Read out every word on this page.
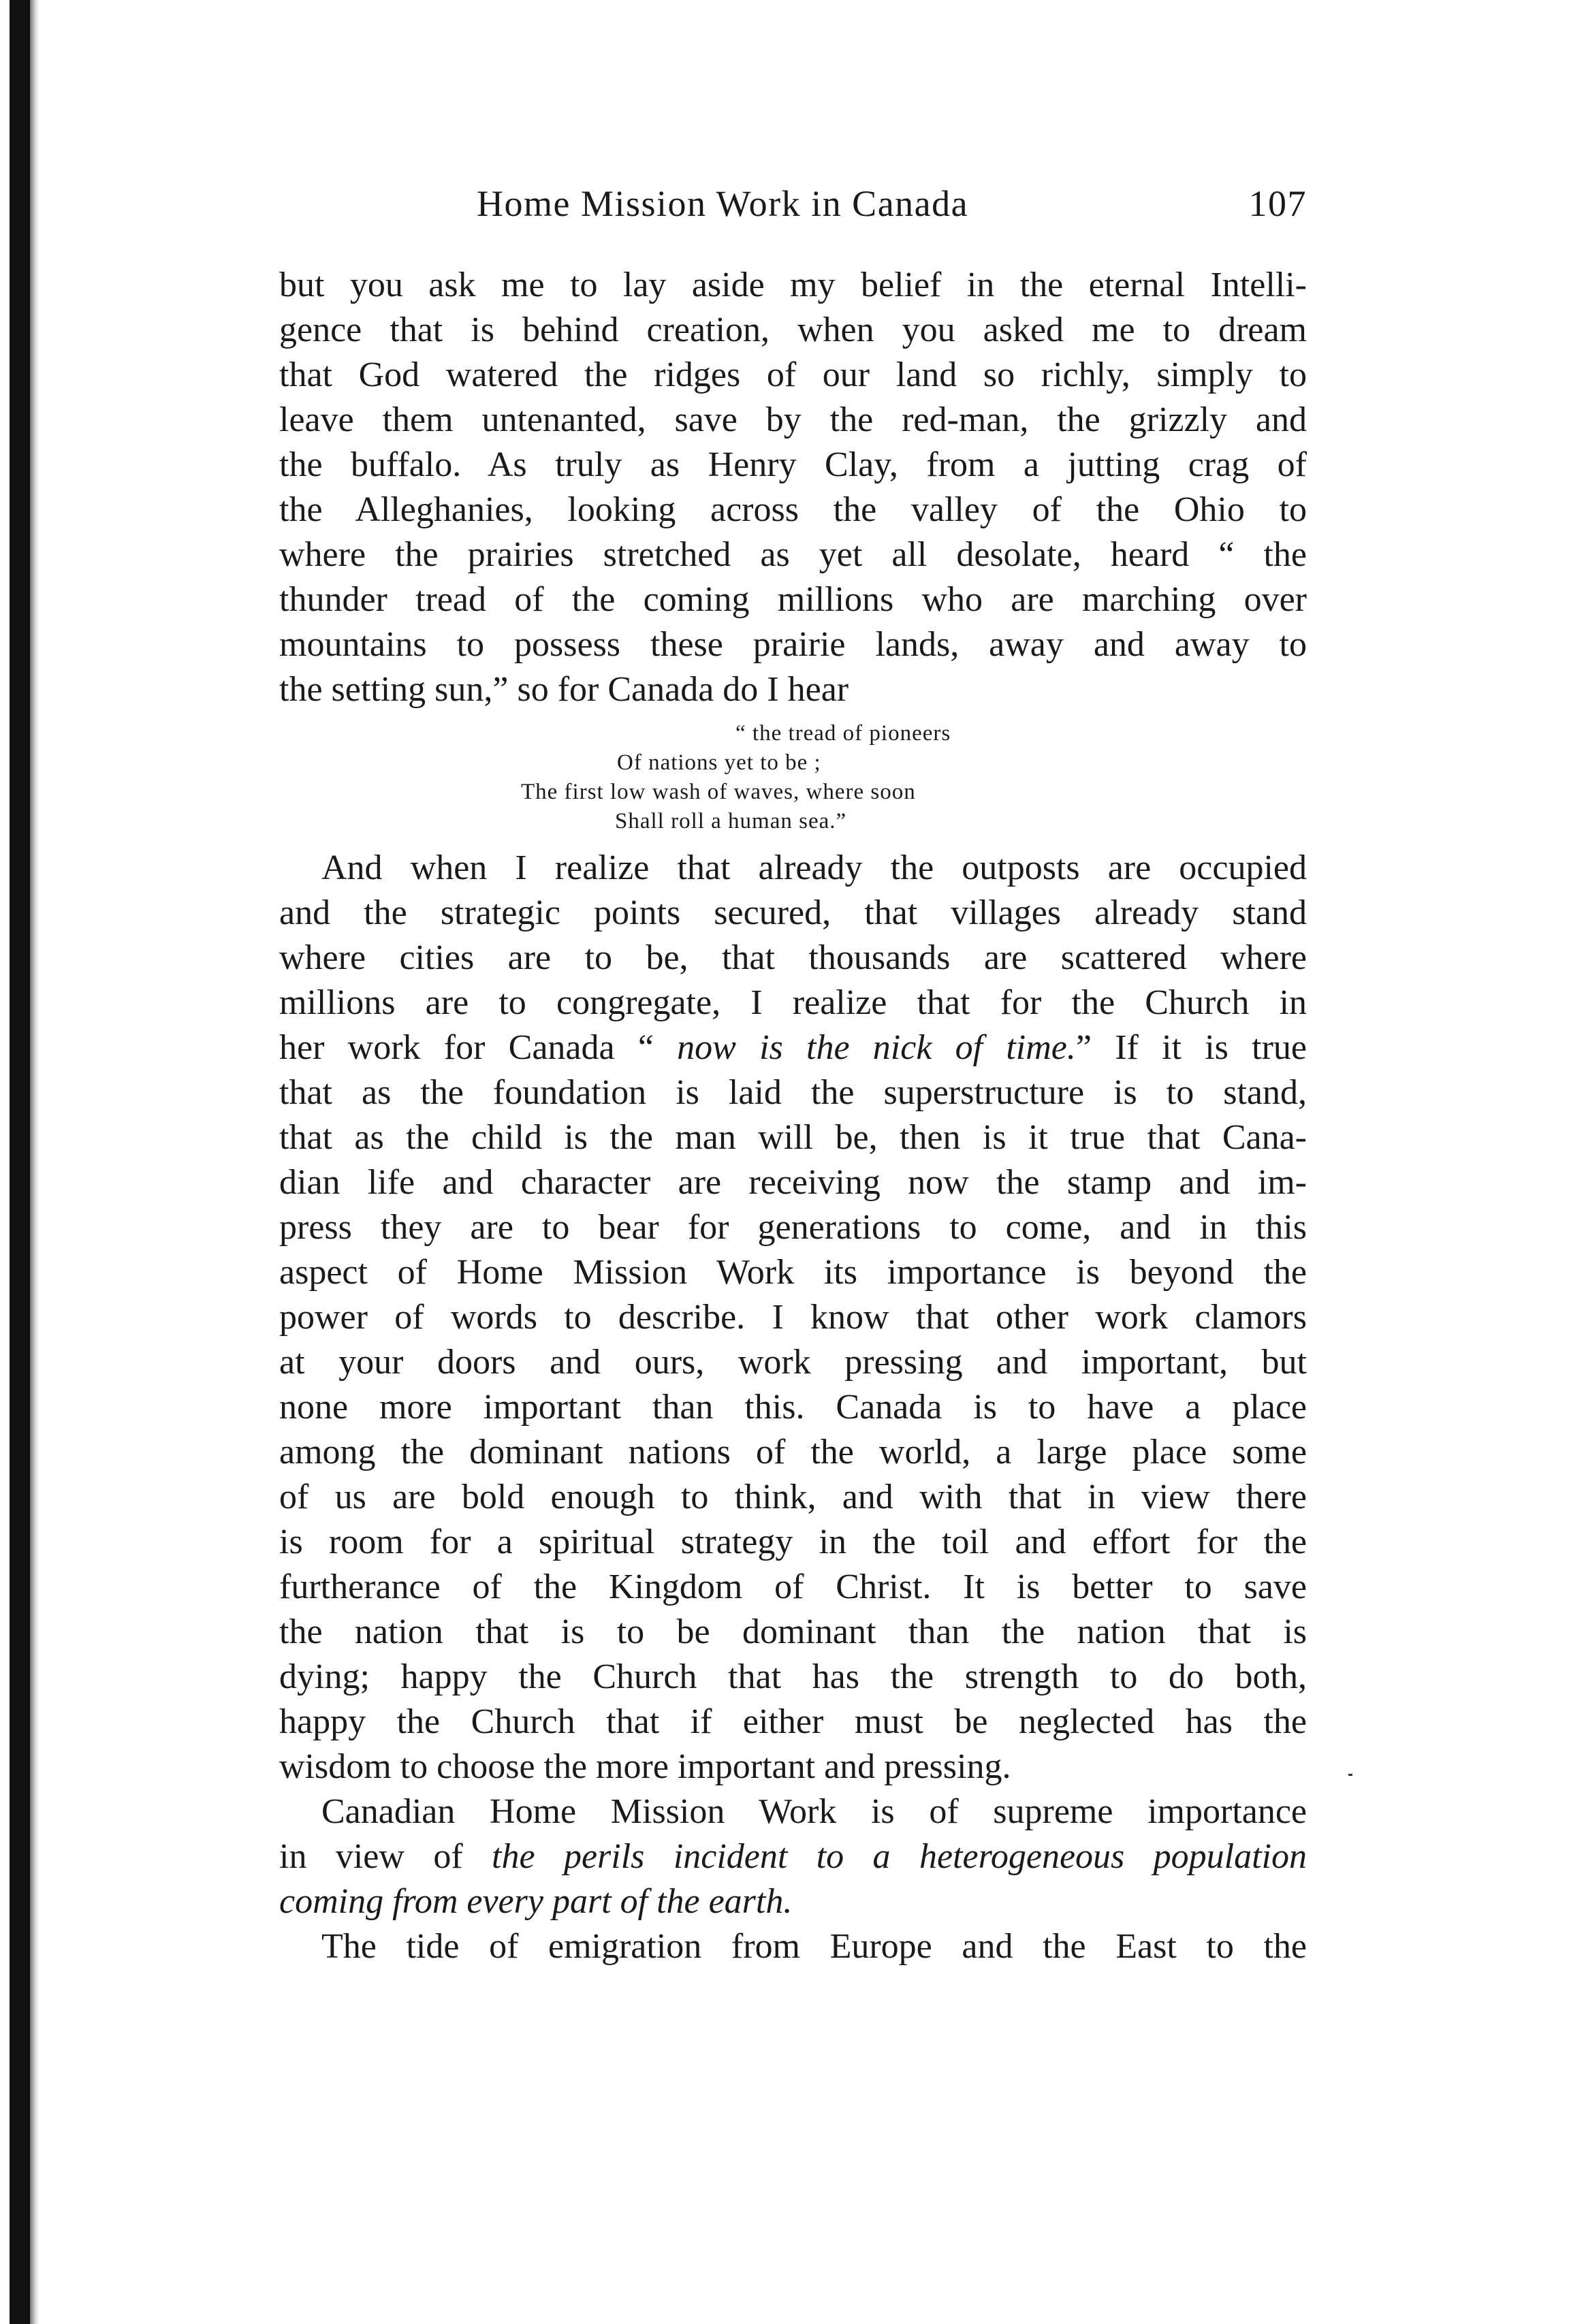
Home Mission Work in Canada	107
but you ask me to lay aside my belief in the eternal Intelli-
gence that is behind creation, when you asked me to dream
that God watered the ridges of our land so richly, simply to
leave them untenanted, save by the red-man, the grizzly and
the buffalo. As truly as Henry Clay, from a jutting crag of
the Alleghanies, looking across the valley of the Ohio to
where the prairies stretched as yet all desolate, heard “ the
thunder tread of the coming millions who are marching over
mountains to possess these prairie lands, away and away to
the setting sun,” so for Canada do I hear
“ the tread of pioneers
Of nations yet to be ;
The first low wash of waves, where soon
Shall roll a human sea.”
And when I realize that already the outposts are occupied
and the strategic points secured, that villages already stand
where cities are to be, that thousands are scattered where
millions are to congregate, I realize that for the Church in
her work for Canada “ now is the nick of time.” If it is true
that as the foundation is laid the superstructure is to stand,
that as the child is the man will be, then is it true that Cana-
dian life and character are receiving now the stamp and im-
press they are to bear for generations to come, and in this
aspect of Home Mission Work its importance is beyond the
power of words to describe. I know that other work clamors
at your doors and ours, work pressing and important, but
none more important than this. Canada is to have a place
among the dominant nations of the world, a large place some
of us are bold enough to think, and with that in view there
is room for a spiritual strategy in the toil and effort for the
furtherance of the Kingdom of Christ. It is better to save
the nation that is to be dominant than the nation that is
dying; happy the Church that has the strength to do both,
happy the Church that if either must be neglected has the
wisdom to choose the more important and pressing.
Canadian Home Mission Work is of supreme importance
in view of the perils incident to a heterogeneous population
coming from every part of the earth.
The tide of emigration from Europe and the East to the
